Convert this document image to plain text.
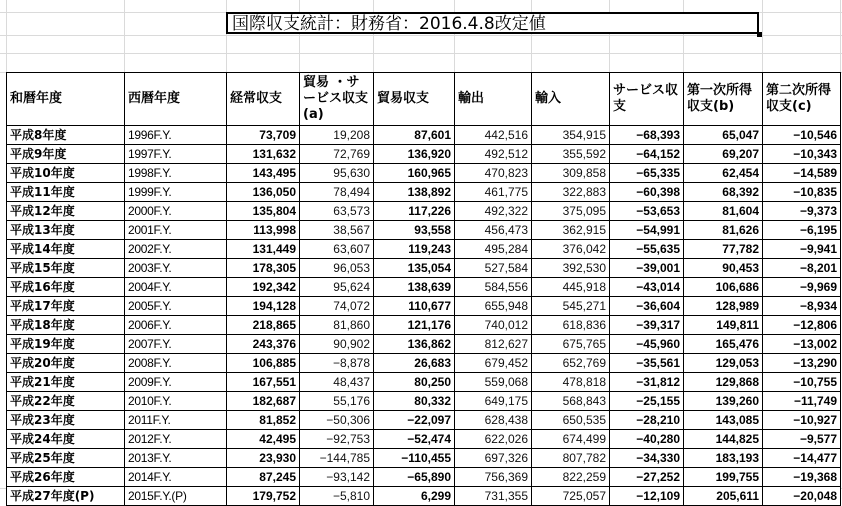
国際収支統計：財務省：2016.4.8改定値
和暦年度	西暦年度	経常収支	貿易 ・サービス収支(a)	貿易収支	輸出	輸入	サービス収支	第一次所得収支(b)	第二次所得収支(c)
平成8年度	1996F.Y.	73,709	19,208	87,601	442,516	354,915	−68,393	65,047	−10,546
平成9年度	1997F.Y.	131,632	72,769	136,920	492,512	355,592	−64,152	69,207	−10,343
平成10年度	1998F.Y.	143,495	95,630	160,965	470,823	309,858	−65,335	62,454	−14,589
平成11年度	1999F.Y.	136,050	78,494	138,892	461,775	322,883	−60,398	68,392	−10,835
平成12年度	2000F.Y.	135,804	63,573	117,226	492,322	375,095	−53,653	81,604	−9,373
平成13年度	2001F.Y.	113,998	38,567	93,558	456,473	362,915	−54,991	81,626	−6,195
平成14年度	2002F.Y.	131,449	63,607	119,243	495,284	376,042	−55,635	77,782	−9,941
平成15年度	2003F.Y.	178,305	96,053	135,054	527,584	392,530	−39,001	90,453	−8,201
平成16年度	2004F.Y.	192,342	95,624	138,639	584,556	445,918	−43,014	106,686	−9,969
平成17年度	2005F.Y.	194,128	74,072	110,677	655,948	545,271	−36,604	128,989	−8,934
平成18年度	2006F.Y.	218,865	81,860	121,176	740,012	618,836	−39,317	149,811	−12,806
平成19年度	2007F.Y.	243,376	90,902	136,862	812,627	675,765	−45,960	165,476	−13,002
平成20年度	2008F.Y.	106,885	−8,878	26,683	679,452	652,769	−35,561	129,053	−13,290
平成21年度	2009F.Y.	167,551	48,437	80,250	559,068	478,818	−31,812	129,868	−10,755
平成22年度	2010F.Y.	182,687	55,176	80,332	649,175	568,843	−25,155	139,260	−11,749
平成23年度	2011F.Y.	81,852	−50,306	−22,097	628,438	650,535	−28,210	143,085	−10,927
平成24年度	2012F.Y.	42,495	−92,753	−52,474	622,026	674,499	−40,280	144,825	−9,577
平成25年度	2013F.Y.	23,930	−144,785	−110,455	697,326	807,782	−34,330	183,193	−14,477
平成26年度	2014F.Y.	87,245	−93,142	−65,890	756,369	822,259	−27,252	199,755	−19,368
平成27年度(P)	2015F.Y.(P)	179,752	−5,810	6,299	731,355	725,057	−12,109	205,611	−20,048
